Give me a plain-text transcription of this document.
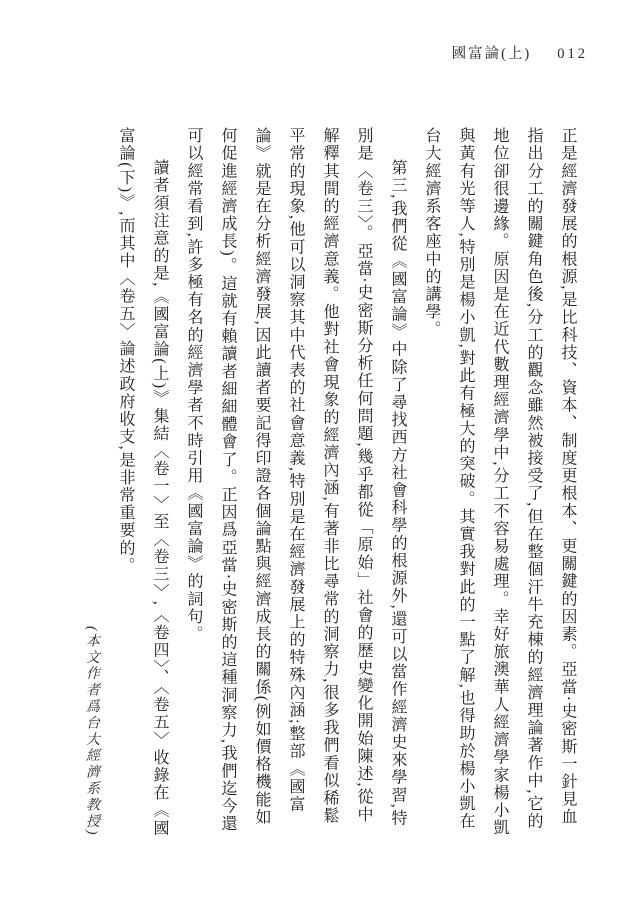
國富論(上) 012

正是經濟發展的根源,是比科技、資本、制度更根本、更關鍵的因素。亞當‧史密斯一針見血指出分工的關鍵角色後,分工的觀念雖然被接受了,但在整個汗牛充棟的經濟理論著作中,它的地位卻很邊緣。原因是在近代數理經濟學中,分工不容易處理。幸好旅澳華人經濟學家楊小凱與黃有光等人,特別是楊小凱,對此有極大的突破。其實我對此的一點了解,也得助於楊小凱在台大經濟系客座中的講學。

第三,我們從《國富論》中除了尋找西方社會科學的根源外,還可以當作經濟史來學習,特別是〈卷三〉。亞當‧史密斯分析任何問題,幾乎都從「原始」社會的歷史變化開始陳述,從中解釋其間的經濟意義。他對社會現象的經濟內涵,有著非比尋常的洞察力,很多我們看似稀鬆平常的現象,他可以洞察其中代表的社會意義,特別是在經濟發展上的特殊內涵;整部《國富論》就是在分析經濟發展,因此讀者要記得印證各個論點與經濟成長的關係(例如價格機能如何促進經濟成長)。這就有賴讀者細細體會了。正因爲亞當‧史密斯的這種洞察力,我們迄今還可以經常看到,許多極有名的經濟學者不時引用《國富論》的詞句。

讀者須注意的是,《國富論(上)》集結〈卷一〉至〈卷三〉,〈卷四〉、〈卷五〉收錄在《國富論(下)》,而其中〈卷五〉論述政府收支,是非常重要的。

(本文作者爲台大經濟系教授)
